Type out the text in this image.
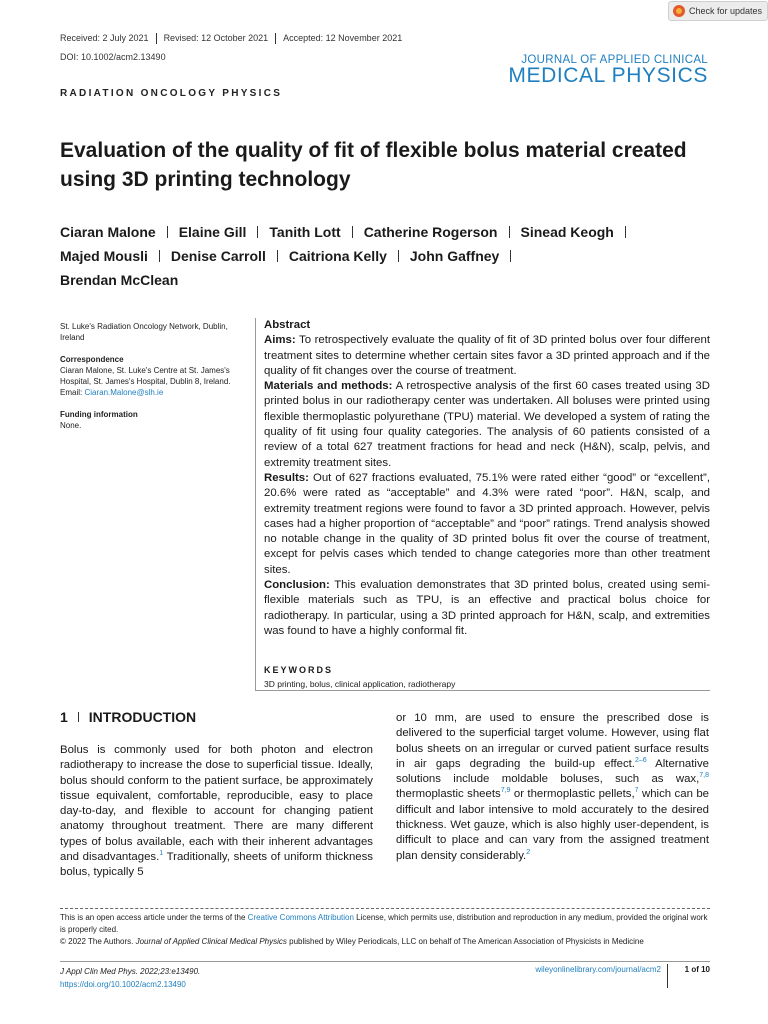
Check for updates
Received: 2 July 2021	Revised: 12 October 2021	Accepted: 12 November 2021
DOI: 10.1002/acm2.13490	JOURNAL OF APPLIED CLINICAL
MEDICAL PHYSICS
RADIATION ONCOLOGY PHYSICS
Evaluation of the quality of fit of flexible bolus material created using 3D printing technology
Ciaran Malone Elaine Gill Tanith Lott Catherine Rogerson Sinead Keogh
Majed Mousli Denise Carroll Caitriona Kelly John Gaffney
Brendan McClean

St. Luke's Radiation Oncology Network, Dublin, Ireland

Correspondence

Ciaran Malone, St. Luke's Centre at St. James's Hospital, St. James's Hospital, Dublin 8, Ireland.

Email: Ciaran.Malone@slh.ie

Funding information

None.

Abstract

Aims: To retrospectively evaluate the quality of fit of 3D printed bolus over four different treatment sites to determine whether certain sites favor a 3D printed approach and if the quality of fit changes over the course of treatment.

Materials and methods: A retrospective analysis of the first 60 cases treated using 3D printed bolus in our radiotherapy center was undertaken. All boluses were printed using flexible thermoplastic polyurethane (TPU) material. We developed a system of rating the quality of fit using four quality categories. The analysis of 60 patients consisted of a review of a total 627 treatment fractions for head and neck (H&N), scalp, pelvis, and extremity treatment sites.

Results: Out of 627 fractions evaluated, 75.1% were rated either “good” or “excellent”, 20.6% were rated as “acceptable” and 4.3% were rated “poor”. H&N, scalp, and extremity treatment regions were found to favor a 3D printed approach. However, pelvis cases had a higher proportion of “acceptable” and “poor” ratings. Trend analysis showed no notable change in the quality of 3D printed bolus fit over the course of treatment, except for pelvis cases which tended to change categories more than other treatment sites.

Conclusion: This evaluation demonstrates that 3D printed bolus, created using semi-flexible materials such as TPU, is an effective and practical bolus choice for radiotherapy. In particular, using a 3D printed approach for H&N, scalp, and extremities was found to have a highly conformal fit.

KEYWORDS
3D printing, bolus, clinical application, radiotherapy
1 INTRODUCTION
Bolus is commonly used for both photon and electron radiotherapy to increase the dose to superficial tissue. Ideally, bolus should conform to the patient surface, be approximately tissue equivalent, comfortable, reproducible, easy to place day-to-day, and flexible to account for changing patient anatomy throughout treatment. There are many different types of bolus available, each with their inherent advantages and disadvantages.$^1$ Traditionally, sheets of uniform thickness bolus, typically 5
or 10 mm, are used to ensure the prescribed dose is delivered to the superficial target volume. However, using flat bolus sheets on an irregular or curved patient surface results in air gaps degrading the build-up effect.$^{2-6}$ Alternative solutions include moldable boluses, such as wax,$^{7,8}$ thermoplastic sheets$^{7,9}$ or thermoplastic pellets,$^7$ which can be difficult and labor intensive to mold accurately to the desired thickness. Wet gauze, which is also highly user-dependent, is difficult to place and can vary from the assigned treatment plan density considerably.$^2$
This is an open access article under the terms of the Creative Commons Attribution License, which permits use, distribution and reproduction in any medium, provided the original work is properly cited.
© 2022 The Authors. Journal of Applied Clinical Medical Physics published by Wiley Periodicals, LLC on behalf of The American Association of Physicists in Medicine
J Appl Clin Med Phys. 2022;23:e13490.
https://doi.org/10.1002/acm2.13490
wileyonlinelibrary.com/journal/acm2	1 of 10
